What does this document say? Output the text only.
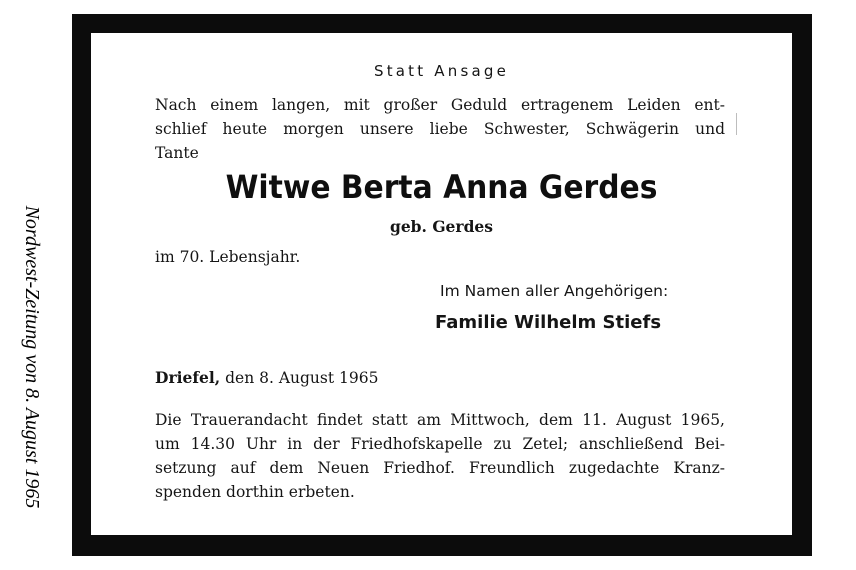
Nordwest-Zeitung von 8. August 1965
Statt Ansage
Nach einem langen, mit großer Geduld ertragenem Leiden ent-
schlief heute morgen unsere liebe Schwester, Schwägerin und
Tante
Witwe Berta Anna Gerdes
geb. Gerdes
im 70. Lebensjahr.
Im Namen aller Angehörigen:
Familie Wilhelm Stiefs
Driefel, den 8. August 1965
Die Trauerandacht findet statt am Mittwoch, dem 11. August 1965,
um 14.30 Uhr in der Friedhofskapelle zu Zetel; anschließend Bei-
setzung auf dem Neuen Friedhof. Freundlich zugedachte Kranz-
spenden dorthin erbeten.
